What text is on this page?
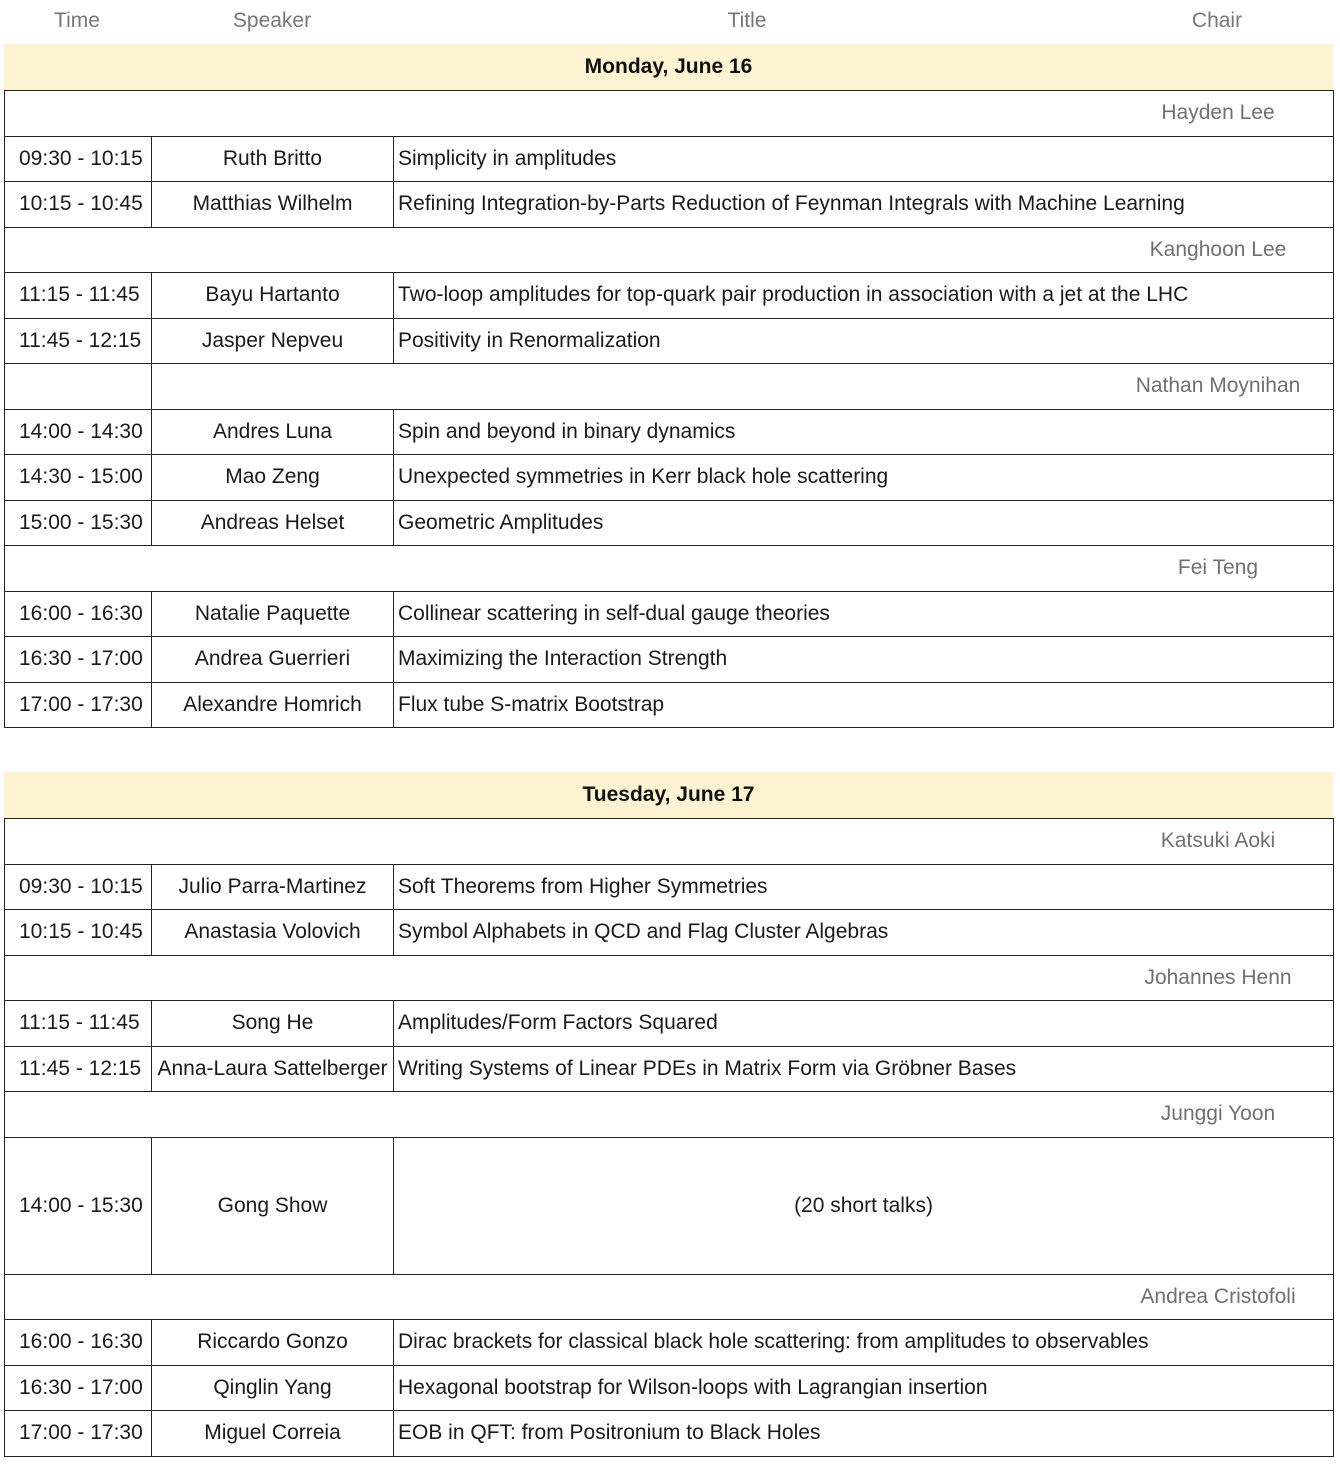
Time	Speaker	Title	Chair
Monday, June 16
Hayden Lee		

09:30 - 10:15	Ruth Britto	Simplicity in amplitudes
10:15 - 10:45	Matthias Wilhelm	Refining Integration-by-Parts Reduction of Feynman Integrals with Machine Learning

Kanghoon Lee		

11:15 - 11:45	Bayu Hartanto	Two-loop amplitudes for top-quark pair production in association with a jet at the LHC
11:45 - 12:15	Jasper Nepveu	Positivity in Renormalization

	Nathan Moynihan	

14:00 - 14:30	Andres Luna	Spin and beyond in binary dynamics
14:30 - 15:00	Mao Zeng	Unexpected symmetries in Kerr black hole scattering
15:00 - 15:30	Andreas Helset	Geometric Amplitudes

Fei Teng		

16:00 - 16:30	Natalie Paquette	Collinear scattering in self-dual gauge theories
16:30 - 17:00	Andrea Guerrieri	Maximizing the Interaction Strength
17:00 - 17:30	Alexandre Homrich	Flux tube S-matrix Bootstrap
Tuesday, June 17
Katsuki Aoki		

09:30 - 10:15	Julio Parra-Martinez	Soft Theorems from Higher Symmetries
10:15 - 10:45	Anastasia Volovich	Symbol Alphabets in QCD and Flag Cluster Algebras

Johannes Henn		

11:15 - 11:45	Song He	Amplitudes/Form Factors Squared
11:45 - 12:15	Anna-Laura Sattelberger	Writing Systems of Linear PDEs in Matrix Form via Gröbner Bases

Junggi Yoon		

14:00 - 15:30	Gong Show	(20 short talks)

Andrea Cristofoli		

16:00 - 16:30	Riccardo Gonzo	Dirac brackets for classical black hole scattering: from amplitudes to observables
16:30 - 17:00	Qinglin Yang	Hexagonal bootstrap for Wilson-loops with Lagrangian insertion
17:00 - 17:30	Miguel Correia	EOB in QFT: from Positronium to Black Holes
